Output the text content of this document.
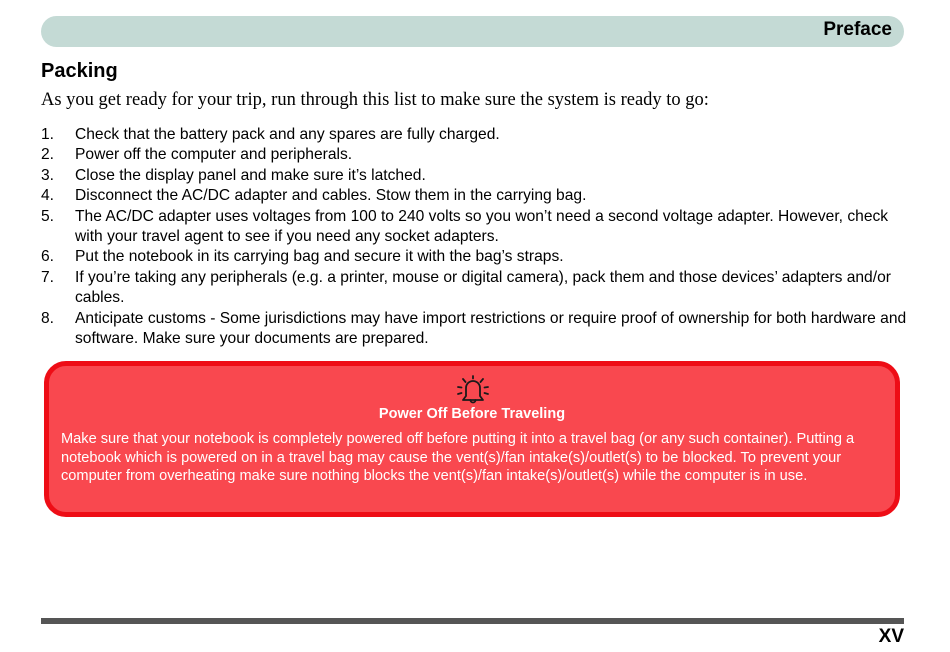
Preface
Packing
As you get ready for your trip, run through this list to make sure the system is ready to go:
1. Check that the battery pack and any spares are fully charged.
2. Power off the computer and peripherals.
3. Close the display panel and make sure it’s latched.
4. Disconnect the AC/DC adapter and cables. Stow them in the carrying bag.
5. The AC/DC adapter uses voltages from 100 to 240 volts so you won’t need a second voltage adapter. However, check with your travel agent to see if you need any socket adapters.
6. Put the notebook in its carrying bag and secure it with the bag’s straps.
7. If you’re taking any peripherals (e.g. a printer, mouse or digital camera), pack them and those devices’ adapters and/or cables.
8. Anticipate customs - Some jurisdictions may have import restrictions or require proof of ownership for both hardware and software. Make sure your documents are prepared.
Power Off Before Traveling
Make sure that your notebook is completely powered off before putting it into a travel bag (or any such container). Putting a notebook which is powered on in a travel bag may cause the vent(s)/fan intake(s)/outlet(s) to be blocked. To prevent your computer from overheating make sure nothing blocks the vent(s)/fan intake(s)/outlet(s) while the computer is in use.
XV
